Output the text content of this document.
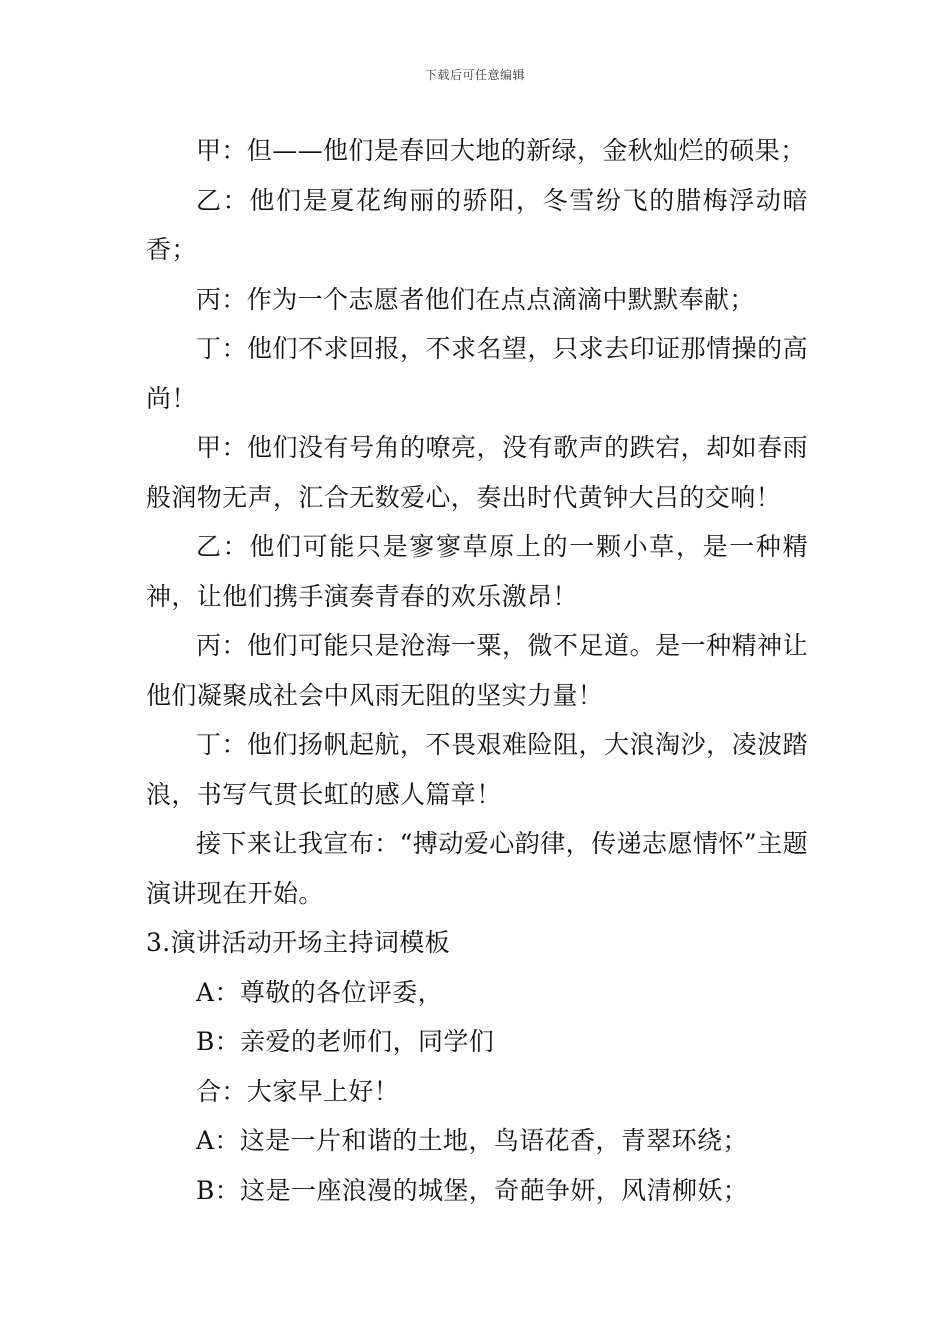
下载后可任意编辑

甲：但——他们是春回大地的新绿，金秋灿烂的硕果；

乙：他们是夏花绚丽的骄阳，冬雪纷飞的腊梅浮动暗香；

丙：作为一个志愿者他们在点点滴滴中默默奉献；

丁：他们不求回报，不求名望，只求去印证那情操的高尚！

甲：他们没有号角的嘹亮，没有歌声的跌宕，却如春雨般润物无声，汇合无数爱心，奏出时代黄钟大吕的交响！

乙：他们可能只是寥寥草原上的一颗小草，是一种精神，让他们携手演奏青春的欢乐激昂！

丙：他们可能只是沧海一粟，微不足道。是一种精神让他们凝聚成社会中风雨无阻的坚实力量！

丁：他们扬帆起航，不畏艰难险阻，大浪淘沙，凌波踏浪，书写气贯长虹的感人篇章！

接下来让我宣布：“搏动爱心韵律，传递志愿情怀”主题演讲现在开始。

3.演讲活动开场主持词模板

A：尊敬的各位评委，

B：亲爱的老师们，同学们

合：大家早上好！

A：这是一片和谐的土地，鸟语花香，青翠环绕；

B：这是一座浪漫的城堡，奇葩争妍，风清柳妖；
